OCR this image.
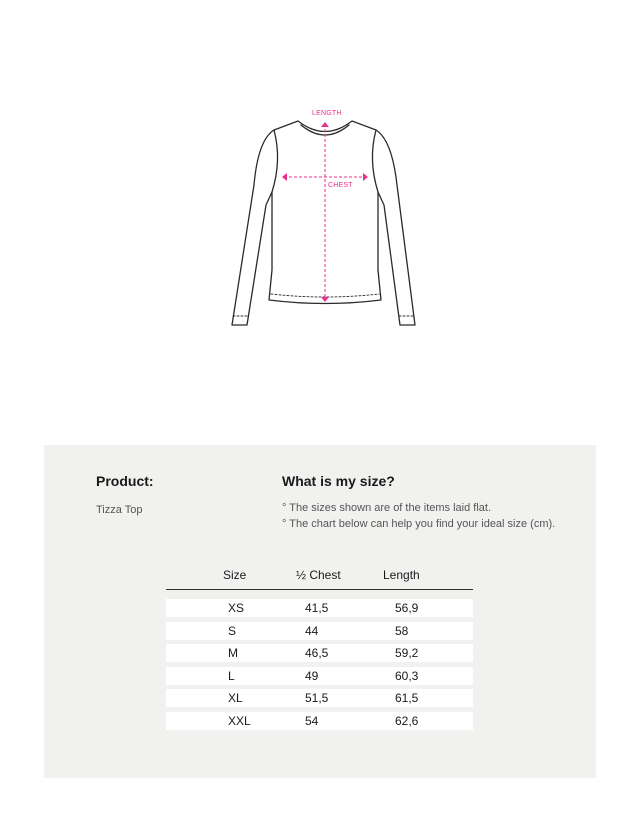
LENGTH
CHEST
Product:
Tizza Top
What is my size?
° The sizes shown are of the items laid flat.
° The chart below can help you find your ideal size (cm).
Size	½ Chest	Length
XS	41,5	56,9
S	44	58
M	46,5	59,2
L	49	60,3
XL	51,5	61,5
XXL	54	62,6
